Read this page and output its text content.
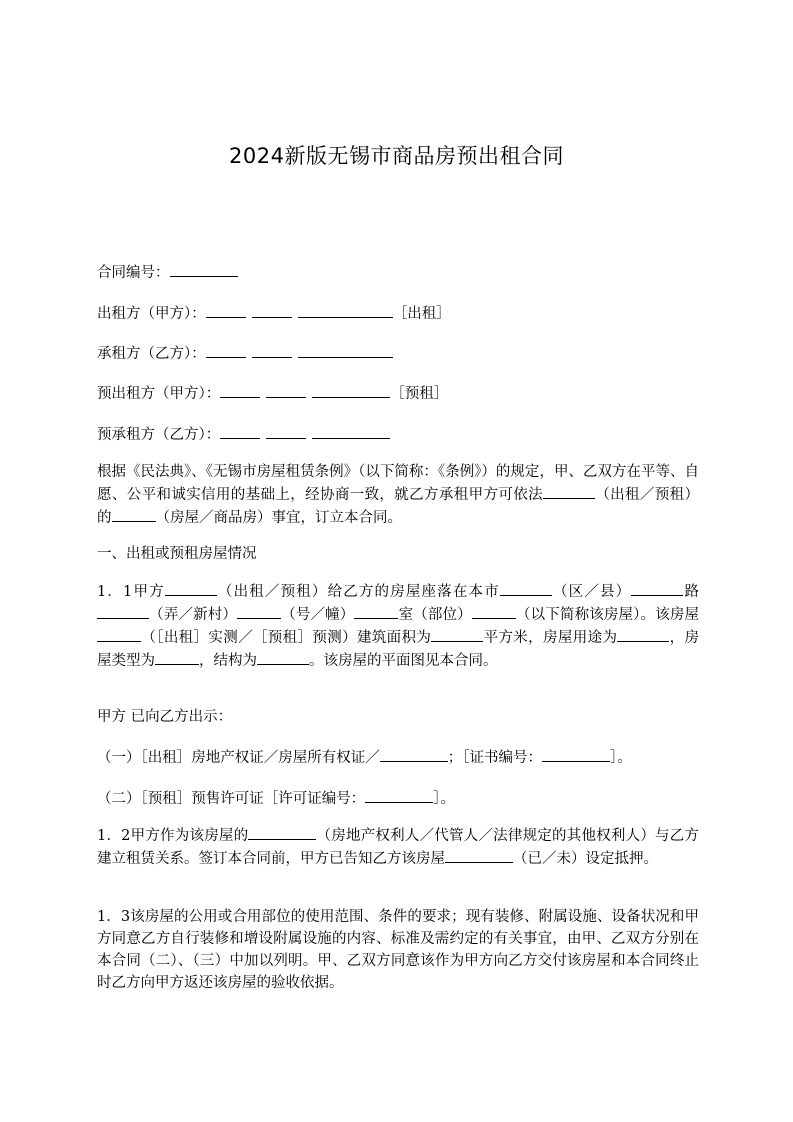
2024新版无锡市商品房预出租合同
合同编号：
出租方（甲方）：	［出租］
承租方（乙方）：
预出租方（甲方）：	［预租］
预承租方（乙方）：
根据《民法典》、《无锡市房屋租赁条例》（以下简称：《条例》）的规定，甲、乙双方在平等、自愿、公平和诚实信用的基础上，经协商一致，就乙方承租甲方可依法	（出租／预租）的	（房屋／商品房）事宜，订立本合同。
一、出租或预租房屋情况
1．1甲方	（出租／预租）给乙方的房屋座落在本市	（区／县）	路（弄／新村）	（号／幢）	室（部位）	（以下简称该房屋）。该房屋（［出租］实测／［预租］预测）建筑面积为	平方米，房屋用途为	，房屋类型为	，结构为	。该房屋的平面图见本合同。
甲方 已向乙方出示：
（一）［出租］房地产权证／房屋所有权证／	；［证书编号：	］。
（二）［预租］预售许可证［许可证编号：	］。
1．2甲方作为该房屋的	（房地产权利人／代管人／法律规定的其他权利人）与乙方建立租赁关系。签订本合同前，甲方已告知乙方该房屋	（已／未）设定抵押。
1．3该房屋的公用或合用部位的使用范围、条件的要求；现有装修、附属设施、设备状况和甲方同意乙方自行装修和增设附属设施的内容、标准及需约定的有关事宜，由甲、乙双方分别在本合同（二）、（三）中加以列明。甲、乙双方同意该作为甲方向乙方交付该房屋和本合同终止时乙方向甲方返还该房屋的验收依据。
